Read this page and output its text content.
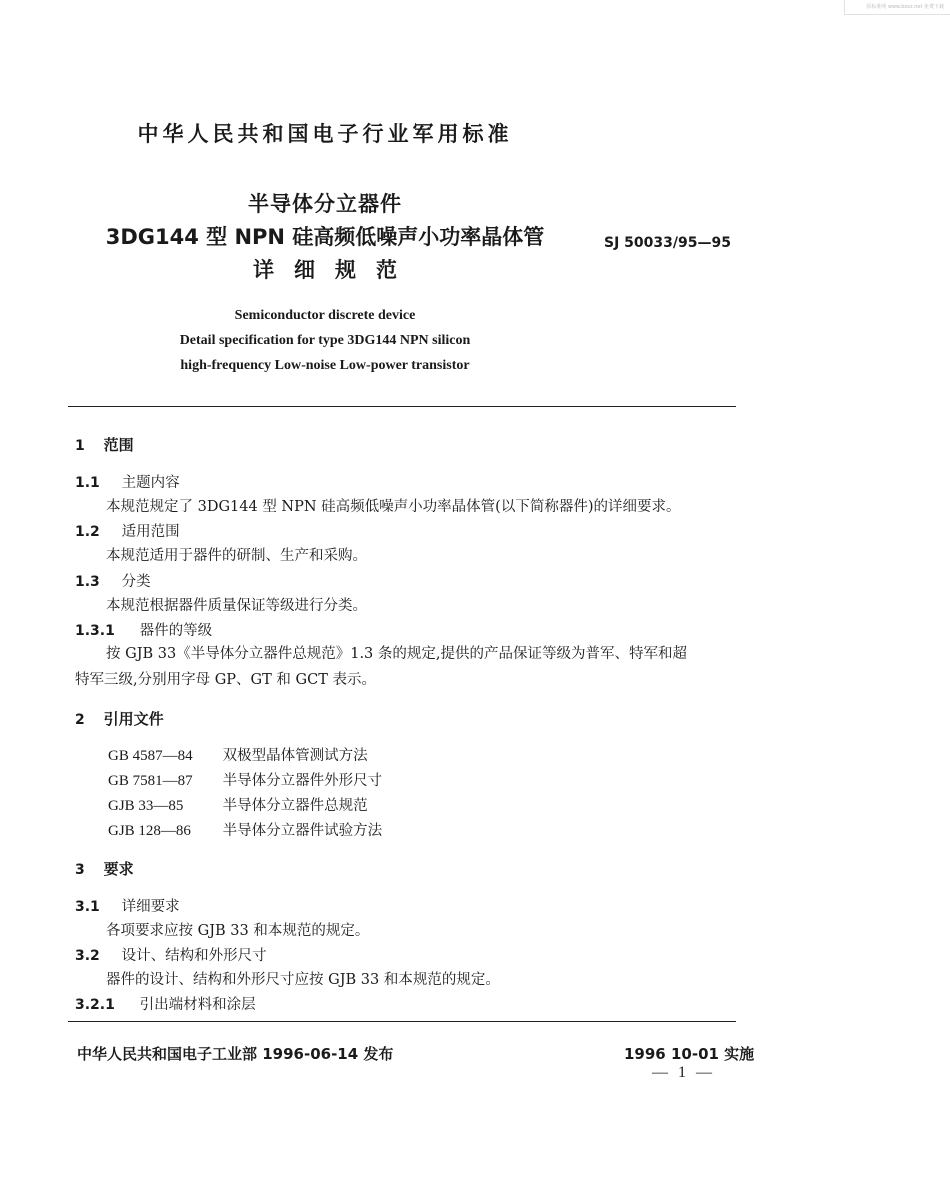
原标准网 www.bzxz.net 免费下载
中华人民共和国电子行业军用标准
半导体分立器件
3DG144 型 NPN 硅高频低噪声小功率晶体管
详细规范
SJ 50033/95—95
Semiconductor discrete device
Detail specification for type 3DG144 NPN silicon
high-frequency Low-noise Low-power transistor
1 范围
1.1 主题内容
本规范规定了 3DG144 型 NPN 硅高频低噪声小功率晶体管(以下简称器件)的详细要求。
1.2 适用范围
本规范适用于器件的研制、生产和采购。
1.3 分类
本规范根据器件质量保证等级进行分类。
1.3.1 器件的等级
按 GJB 33《半导体分立器件总规范》1.3 条的规定,提供的产品保证等级为普军、特军和超
特军三级,分别用字母 GP、GT 和 GCT 表示。
2 引用文件
GB 4587—84 双极型晶体管测试方法
GB 7581—87 半导体分立器件外形尺寸
GJB 33—85	半导体分立器件总规范
GJB 128—86 半导体分立器件试验方法
3 要求
3.1 详细要求
各项要求应按 GJB 33 和本规范的规定。
3.2 设计、结构和外形尺寸
器件的设计、结构和外形尺寸应按 GJB 33 和本规范的规定。
3.2.1 引出端材料和涂层
中华人民共和国电子工业部 1996-06-14 发布	1996 10-01 实施
— 1 —
